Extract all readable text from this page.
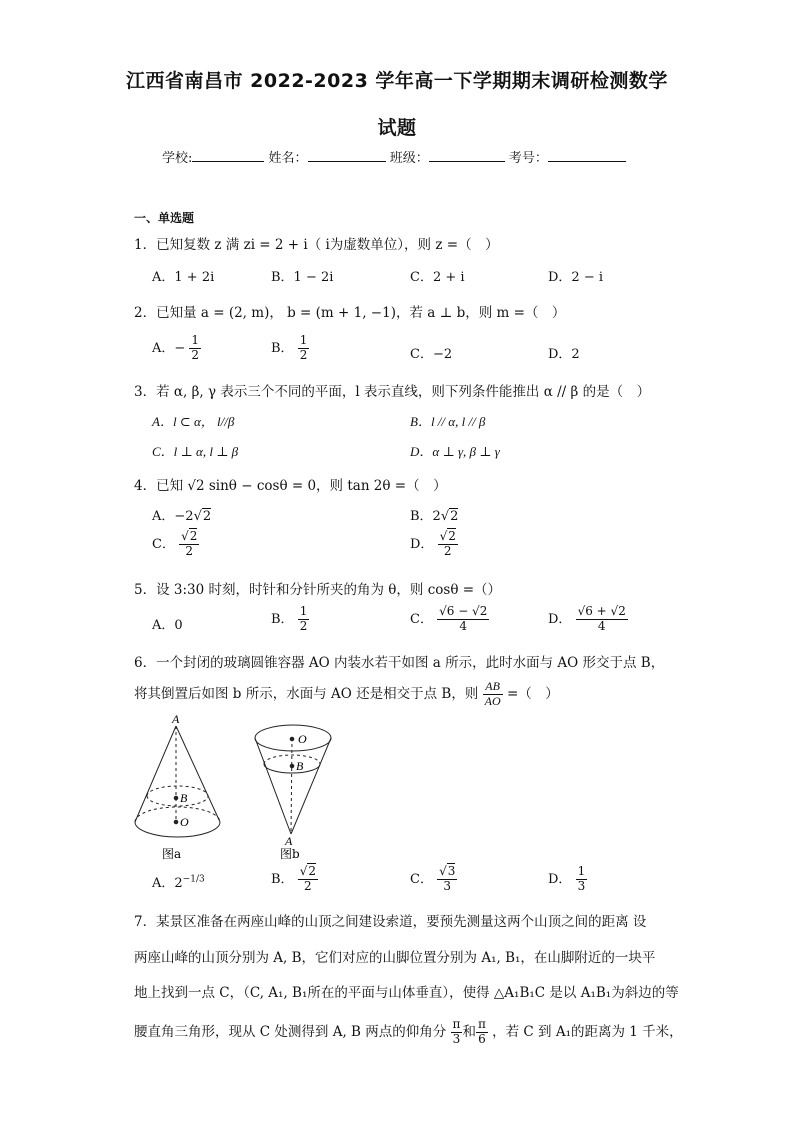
江西省南昌市 2022-2023 学年高一下学期期末调研检测数学
试题
学校:	姓名：	班级：	考号：
一、单选题
1．已知复数 z 满 zi = 2 + i（ i为虚数单位），则 z =（　）
A．1 + 2i	B．1 − 2i	C．2 + i	D．2 − i
2．已知量 a = (2, m)， b = (m + 1, −1)，若 a ⊥ b，则 m =（　）
A．− $\frac{1}{2}$	B． $\frac{1}{2}$	C．−2	D．2
3．若 α, β, γ 表示三个不同的平面，l 表示直线，则下列条件能推出 α // β 的是（　）
A．l ⊂ α， l//β	B．l // α, l // β
C．l ⊥ α, l ⊥ β	D．α ⊥ γ, β ⊥ γ
4．已知 √2 sinθ − cosθ = 0，则 tan 2θ =（　）
A．−2√2	B．2√2
C． $\frac{√2}{2}$	D． $\frac{√2}{2}$
5．设 3:30 时刻，时针和分针所夹的角为 θ，则 cosθ =（）
A．0	B． $\frac{1}{2}$	C． $\frac{√6 - √2}{4}$	D． $\frac{√6 + √2}{4}$
6．一个封闭的玻璃圆锥容器 AO 内装水若干如图 a 所示，此时水面与 AO 形交于点 B，
将其倒置后如图 b 所示，水面与 AO 还是相交于点 B，则 $\frac{AB}{AO}$ =（　）
A
B
O
图a
O
B
A
图b
A．$2^{-1/3}$	B． $\frac{√2}{2}$	C． $\frac{√3}{3}$	D． $\frac{1}{3}$
7．某景区准备在两座山峰的山顶之间建设索道，要预先测量这两个山顶之间的距离 设
两座山峰的山顶分别为 A, B，它们对应的山脚位置分别为 A₁, B₁，在山脚附近的一块平
地上找到一点 C，（C, A₁, B₁所在的平面与山体垂直），使得 △A₁B₁C 是以 A₁B₁为斜边的等
腰直角三角形，现从 C 处测得到 A, B 两点的仰角分 $\frac{\pi}{3}$ 和 $\frac{\pi}{6}$ ，若 C 到 A₁的距离为 1 千米，
